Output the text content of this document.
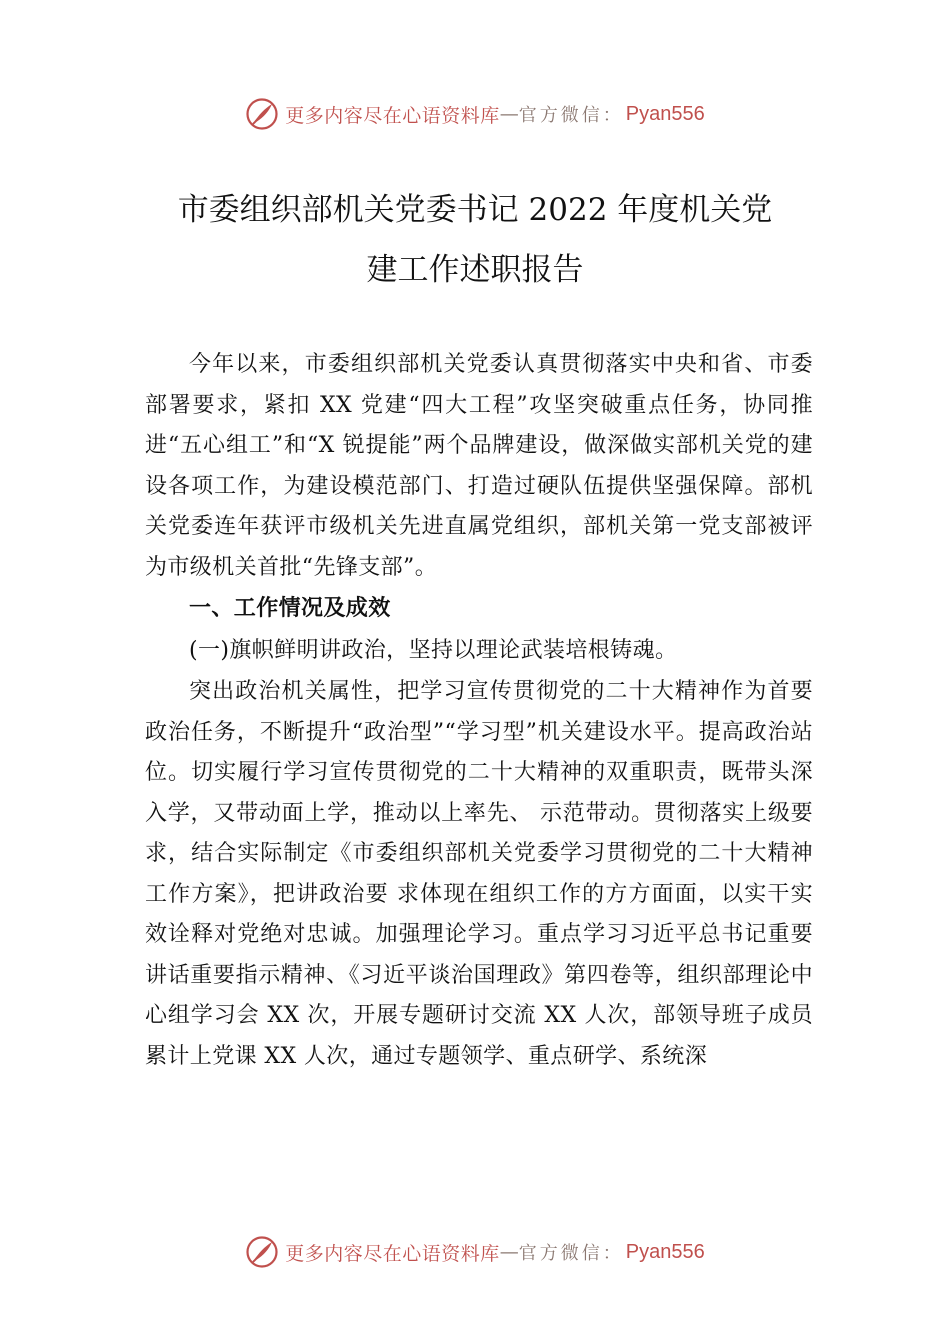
更多内容尽在心语资料库 — 官方微信： Pyan556
市委组织部机关党委书记 2022 年度机关党
建工作述职报告

今年以来，市委组织部机关党委认真贯彻落实中央和省、市委部署要求，紧扣 XX 党建“四大工程”攻坚突破重点任务，协同推进“五心组工”和“X 锐提能”两个品牌建设，做深做实部机关党的建设各项工作，为建设模范部门、打造过硬队伍提供坚强保障。部机关党委连年获评市级机关先进直属党组织，部机关第一党支部被评为市级机关首批“先锋支部”。

一、工作情况及成效

(一)旗帜鲜明讲政治，坚持以理论武装培根铸魂。

突出政治机关属性，把学习宣传贯彻党的二十大精神作为首要政治任务，不断提升“政治型”“学习型”机关建设水平。提高政治站位。切实履行学习宣传贯彻党的二十大精神的双重职责，既带头深入学，又带动面上学，推动以上率先、 示范带动。贯彻落实上级要求，结合实际制定《市委组织部机关党委学习贯彻党的二十大精神工作方案》，把讲政治要 求体现在组织工作的方方面面，以实干实效诠释对党绝对忠诚。加强理论学习。重点学习习近平总书记重要讲话重要指示精神、《习近平谈治国理政》第四卷等，组织部理论中心组学习会 XX 次，开展专题研讨交流 XX 人次，部领导班子成员累计上党课 XX 人次，通过专题领学、重点研学、系统深

更多内容尽在心语资料库 — 官方微信： Pyan556
